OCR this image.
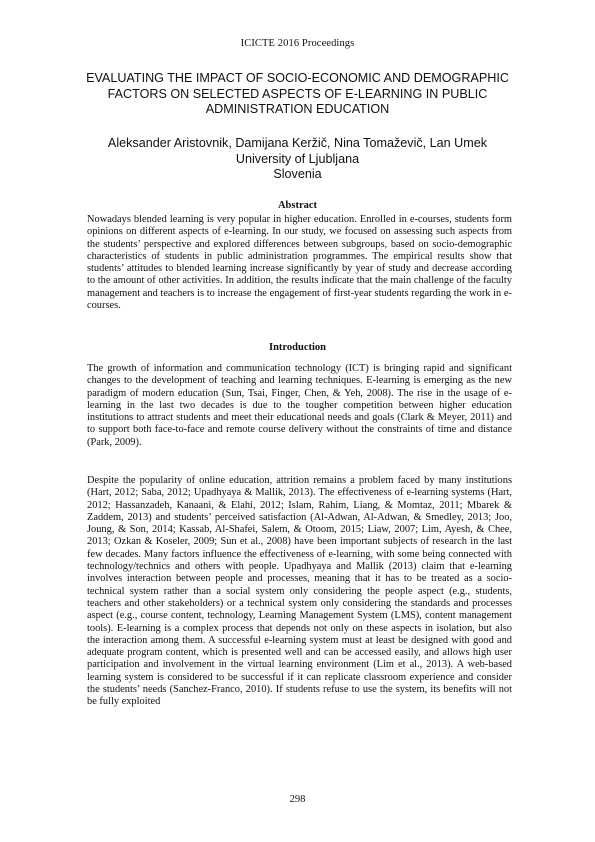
ICICTE 2016 Proceedings
EVALUATING THE IMPACT OF SOCIO-ECONOMIC AND DEMOGRAPHIC FACTORS ON SELECTED ASPECTS OF E-LEARNING IN PUBLIC ADMINISTRATION EDUCATION
Aleksander Aristovnik, Damijana Keržič, Nina Tomaževič, Lan Umek
University of Ljubljana
Slovenia
Abstract
Nowadays blended learning is very popular in higher education. Enrolled in e-courses, students form opinions on different aspects of e-learning. In our study, we focused on assessing such aspects from the students’ perspective and explored differences between subgroups, based on socio-demographic characteristics of students in public administration programmes. The empirical results show that students’ attitudes to blended learning increase significantly by year of study and decrease according to the amount of other activities. In addition, the results indicate that the main challenge of the faculty management and teachers is to increase the engagement of first-year students regarding the work in e-courses.
Introduction
The growth of information and communication technology (ICT) is bringing rapid and significant changes to the development of teaching and learning techniques. E-learning is emerging as the new paradigm of modern education (Sun, Tsai, Finger, Chen, & Yeh, 2008). The rise in the usage of e-learning in the last two decades is due to the tougher competition between higher education institutions to attract students and meet their educational needs and goals (Clark & Meyer, 2011) and to support both face-to-face and remote course delivery without the constraints of time and distance (Park, 2009).
Despite the popularity of online education, attrition remains a problem faced by many institutions (Hart, 2012; Saba, 2012; Upadhyaya & Mallik, 2013). The effectiveness of e-learning systems (Hart, 2012; Hassanzadeh, Kanaani, & Elahi, 2012; Islam, Rahim, Liang, & Momtaz, 2011; Mbarek & Zaddem, 2013) and students’ perceived satisfaction (Al-Adwan, Al-Adwan, & Smedley, 2013; Joo, Joung, & Son, 2014; Kassab, Al-Shafei, Salem, & Otoom, 2015; Liaw, 2007; Lim, Ayesh, & Chee, 2013; Ozkan & Koseler, 2009; Sun et al., 2008) have been important subjects of research in the last few decades. Many factors influence the effectiveness of e-learning, with some being connected with technology/technics and others with people. Upadhyaya and Mallik (2013) claim that e-learning involves interaction between people and processes, meaning that it has to be treated as a socio-technical system rather than a social system only considering the people aspect (e.g., students, teachers and other stakeholders) or a technical system only considering the standards and processes aspect (e.g., course content, technology, Learning Management System (LMS), content management tools). E-learning is a complex process that depends not only on these aspects in isolation, but also the interaction among them. A successful e-learning system must at least be designed with good and adequate program content, which is presented well and can be accessed easily, and allows high user participation and involvement in the virtual learning environment (Lim et al., 2013). A web-based learning system is considered to be successful if it can replicate classroom experience and consider the students’ needs (Sanchez-Franco, 2010). If students refuse to use the system, its benefits will not be fully exploited
298
